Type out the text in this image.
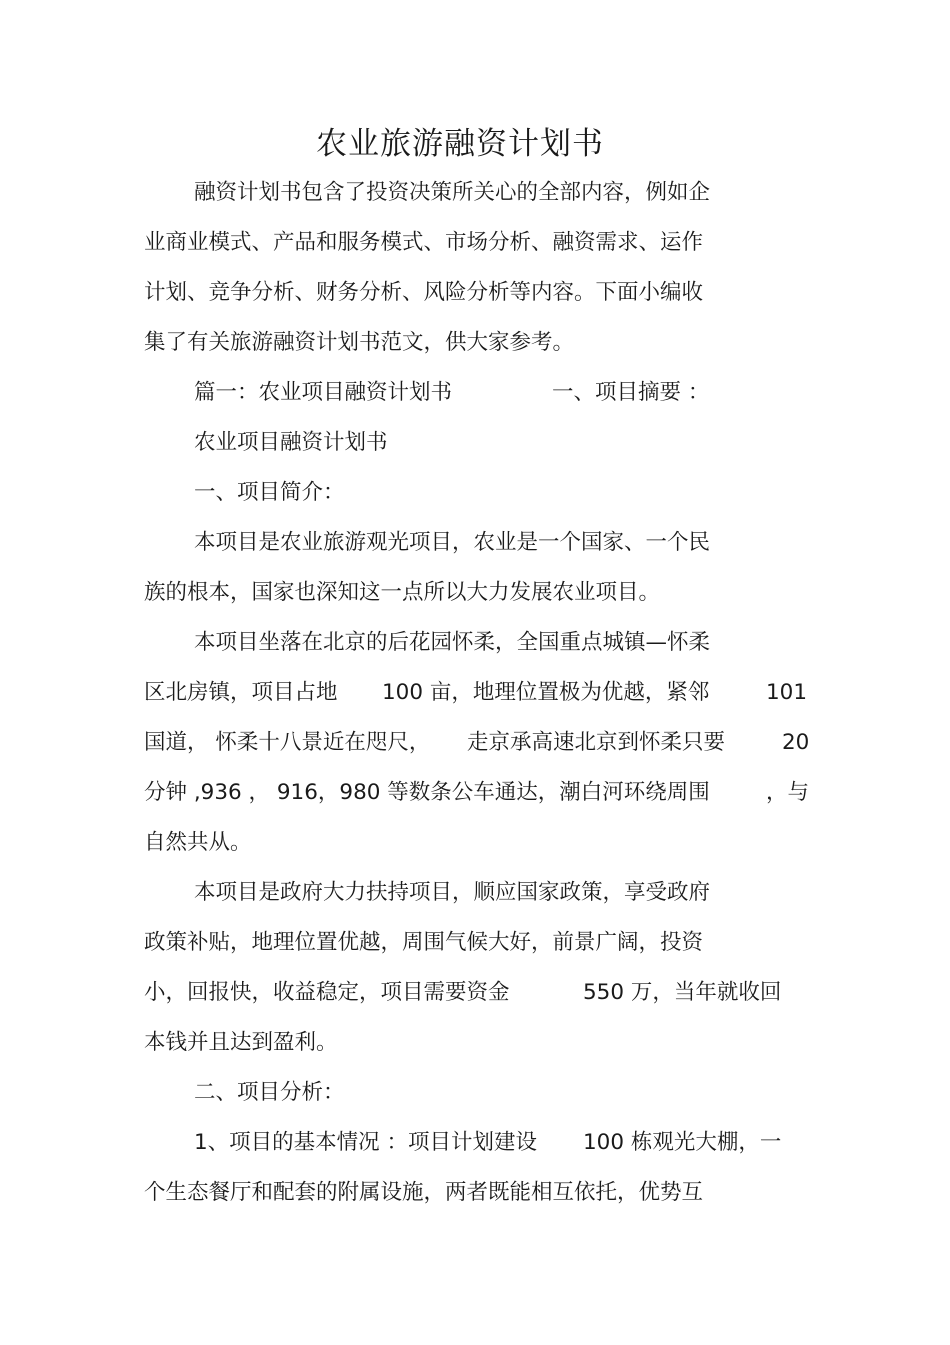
农业旅游融资计划书
融资计划书包含了投资决策所关心的全部内容，例如企
业商业模式、产品和服务模式、市场分析、融资需求、运作
计划、竞争分析、财务分析、风险分析等内容。下面小编收
集了有关旅游融资计划书范文，供大家参考。
篇一：农业项目融资计划书	一、项目摘要 ：
农业项目融资计划书
一、项目简介：
本项目是农业旅游观光项目，农业是一个国家、一个民
族的根本，国家也深知这一点所以大力发展农业项目。
本项目坐落在北京的后花园怀柔，全国重点城镇—怀柔
区北房镇，项目占地 100 亩，地理位置极为优越，紧邻	101
国道， 怀柔十八景近在咫尺， 走京承高速北京到怀柔只要	20
分钟 ,936 ， 916，980 等数条公车通达，潮白河环绕周围	，与
自然共从。
本项目是政府大力扶持项目，顺应国家政策，享受政府
政策补贴，地理位置优越，周围气候大好，前景广阔，投资
小，回报快，收益稳定，项目需要资金	550 万，当年就收回
本钱并且达到盈利。
二、项目分析：
1、项目的基本情况 ：项目计划建设 100 栋观光大棚，一
个生态餐厅和配套的附属设施，两者既能相互依托，优势互
